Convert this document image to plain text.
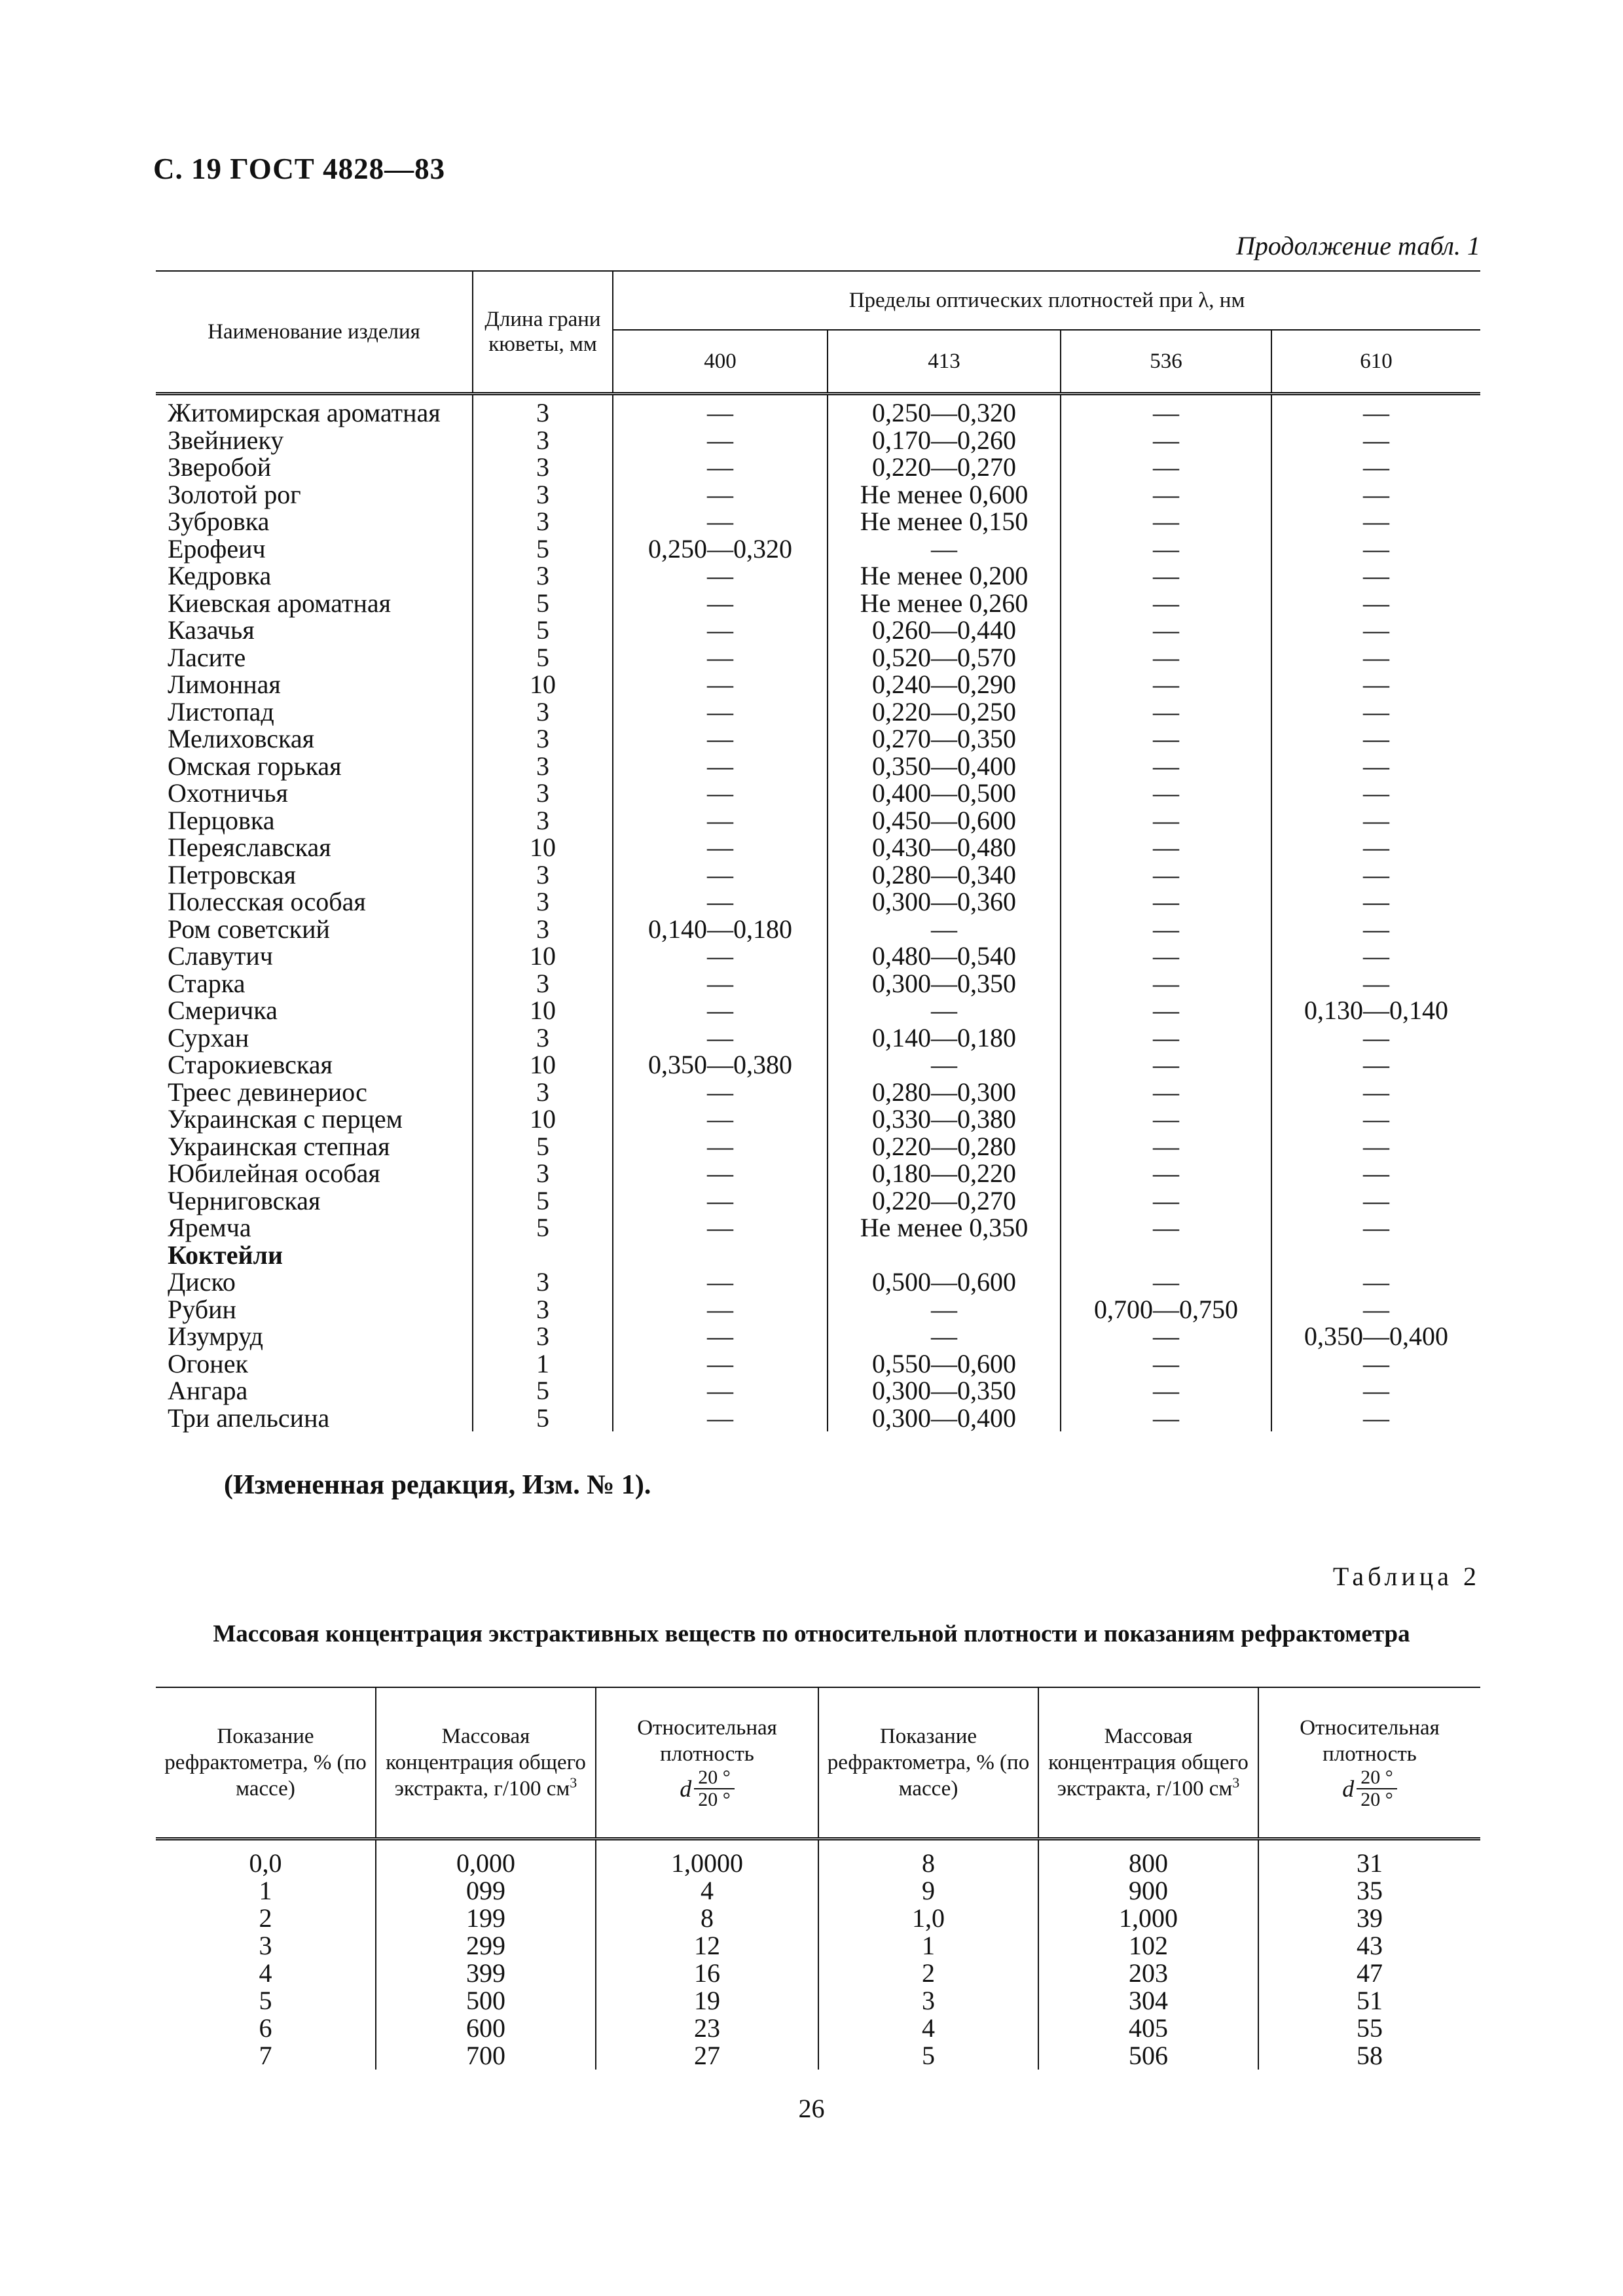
С. 19 ГОСТ 4828—83
Продолжение табл. 1
Наименование изделия	Длина грани кюветы, мм	Пределы оптических плотностей при λ, нм			
		400	413	536	610
Житомирская ароматная	3	—	0,250—0,320	—	—
Звейниеку	3	—	0,170—0,260	—	—
Зверобой	3	—	0,220—0,270	—	—
Золотой рог	3	—	Не менее 0,600	—	—
Зубровка	3	—	Не менее 0,150	—	—
Ерофеич	5	0,250—0,320	—	—	—
Кедровка	3	—	Не менее 0,200	—	—
Киевская ароматная	5	—	Не менее 0,260	—	—
Казачья	5	—	0,260—0,440	—	—
Ласите	5	—	0,520—0,570	—	—
Лимонная	10	—	0,240—0,290	—	—
Листопад	3	—	0,220—0,250	—	—
Мелиховская	3	—	0,270—0,350	—	—
Омская горькая	3	—	0,350—0,400	—	—
Охотничья	3	—	0,400—0,500	—	—
Перцовка	3	—	0,450—0,600	—	—
Переяславская	10	—	0,430—0,480	—	—
Петровская	3	—	0,280—0,340	—	—
Полесская особая	3	—	0,300—0,360	—	—
Ром советский	3	0,140—0,180	—	—	—
Славутич	10	—	0,480—0,540	—	—
Старка	3	—	0,300—0,350	—	—
Смеричка	10	—	—	—	0,130—0,140
Сурхан	3	—	0,140—0,180	—	—
Старокиевская	10	0,350—0,380	—	—	—
Трeес девинериос	3	—	0,280—0,300	—	—
Украинская с перцем	10	—	0,330—0,380	—	—
Украинская степная	5	—	0,220—0,280	—	—
Юбилейная особая	3	—	0,180—0,220	—	—
Черниговская	5	—	0,220—0,270	—	—
Яремча	5	—	Не менее 0,350	—	—
Коктейли					
Диско	3	—	0,500—0,600	—	—
Рубин	3	—	—	0,700—0,750	—
Изумруд	3	—	—	—	0,350—0,400
Огонек	1	—	0,550—0,600	—	—
Ангара	5	—	0,300—0,350	—	—
Три апельсина	5	—	0,300—0,400	—	—
(Измененная редакция, Изм. № 1).
Таблица 2
Массовая концентрация экстрактивных веществ по относительной плотности и показаниям рефрактометра
Показание рефрактометра, % (по массе)	Массовая концентрация общего экстракта, г/100 $см^3$	Относительная плотность
d $\frac{20 ^\circ}{20 ^\circ}$	Показание рефрактометра, % (по массе)	Массовая концентрация общего экстракта, г/100 $см^3$	Относительная плотность
d $\frac{20 ^\circ}{20 ^\circ}$

0,0	0,000	1,0000	8	800	31
1	099	4	9	900	35
2	199	8	1,0	1,000	39
3	299	12	1	102	43
4	399	16	2	203	47
5	500	19	3	304	51
6	600	23	4	405	55
7	700	27	5	506	58
26
